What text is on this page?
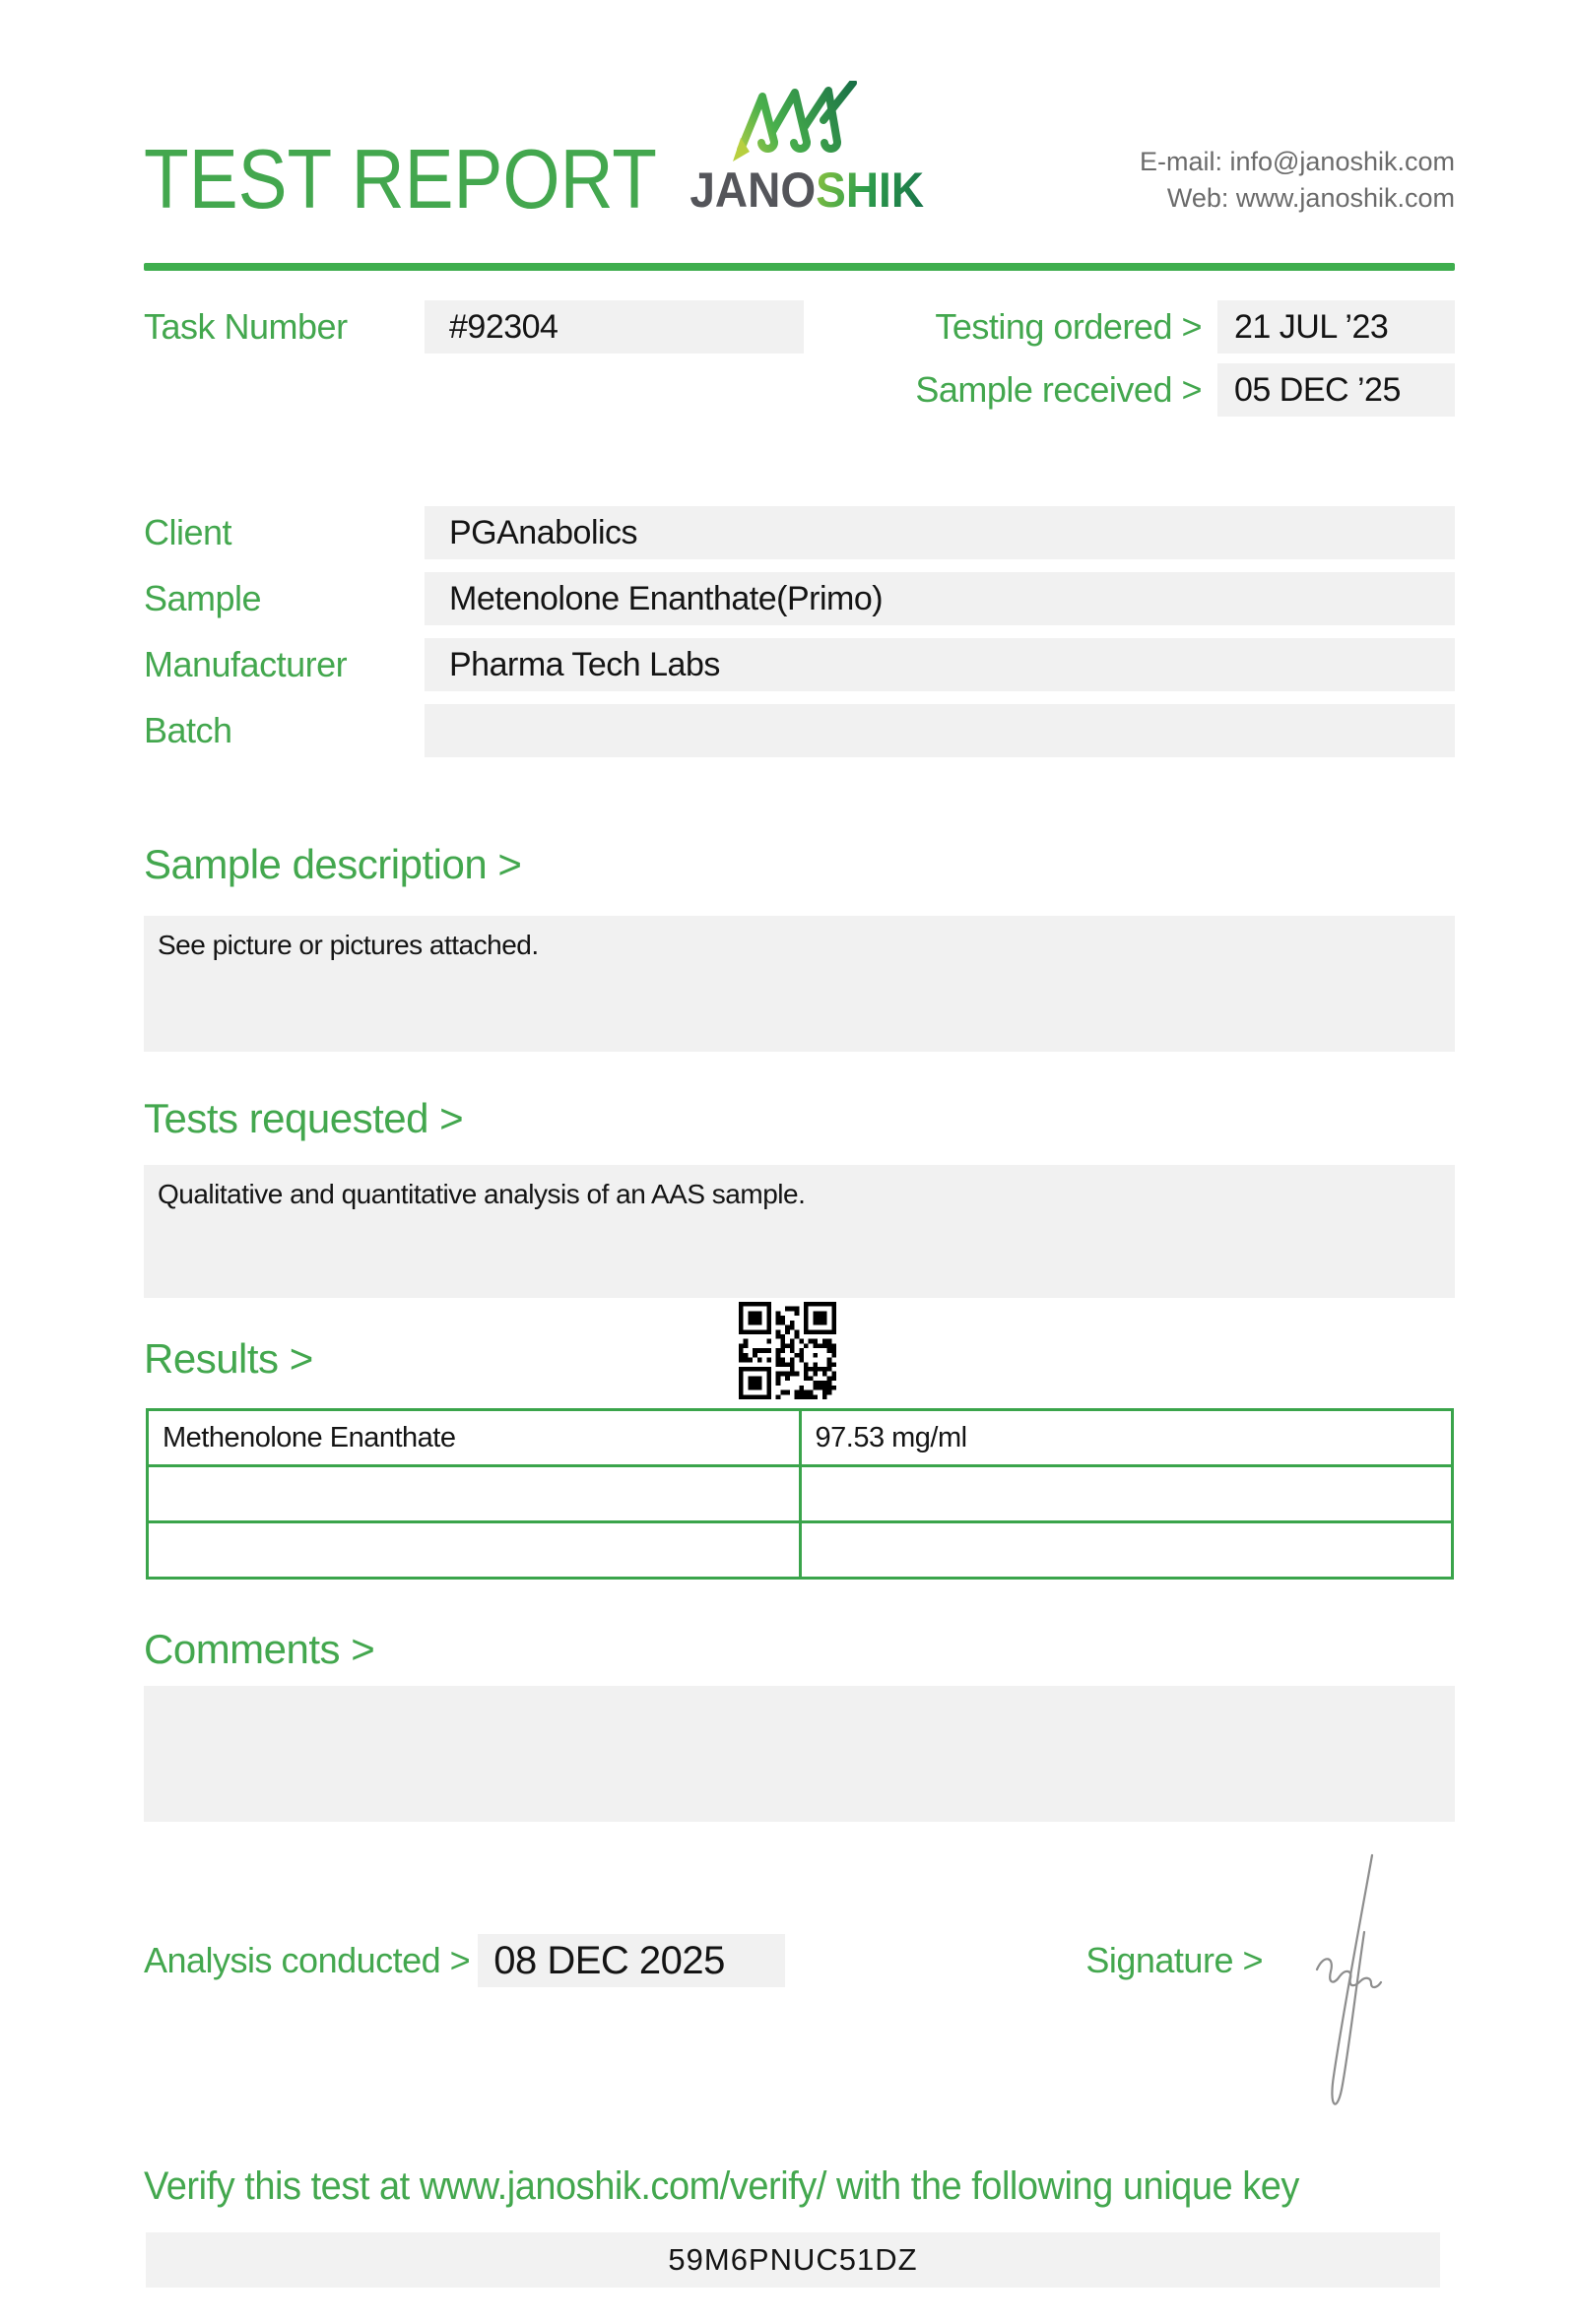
TEST REPORT JANOSHIK
E-mail: info@janoshik.com
Web: www.janoshik.com
Task Number	#92304	Testing ordered > 21 JUL ’23
Sample received > 05 DEC ’25
Client	PGAnabolics
Sample	Metenolone Enanthate(Primo)
Manufacturer	Pharma Tech Labs
Batch
Sample description >
See picture or pictures attached.
Tests requested >
Qualitative and quantitative analysis of an AAS sample.
Results >
Methenolone Enanthate	97.53 mg/ml

Comments >
Analysis conducted > 08 DEC 2025	Signature >
Verify this test at www.janoshik.com/verify/ with the following unique key
59M6PNUC51DZ
